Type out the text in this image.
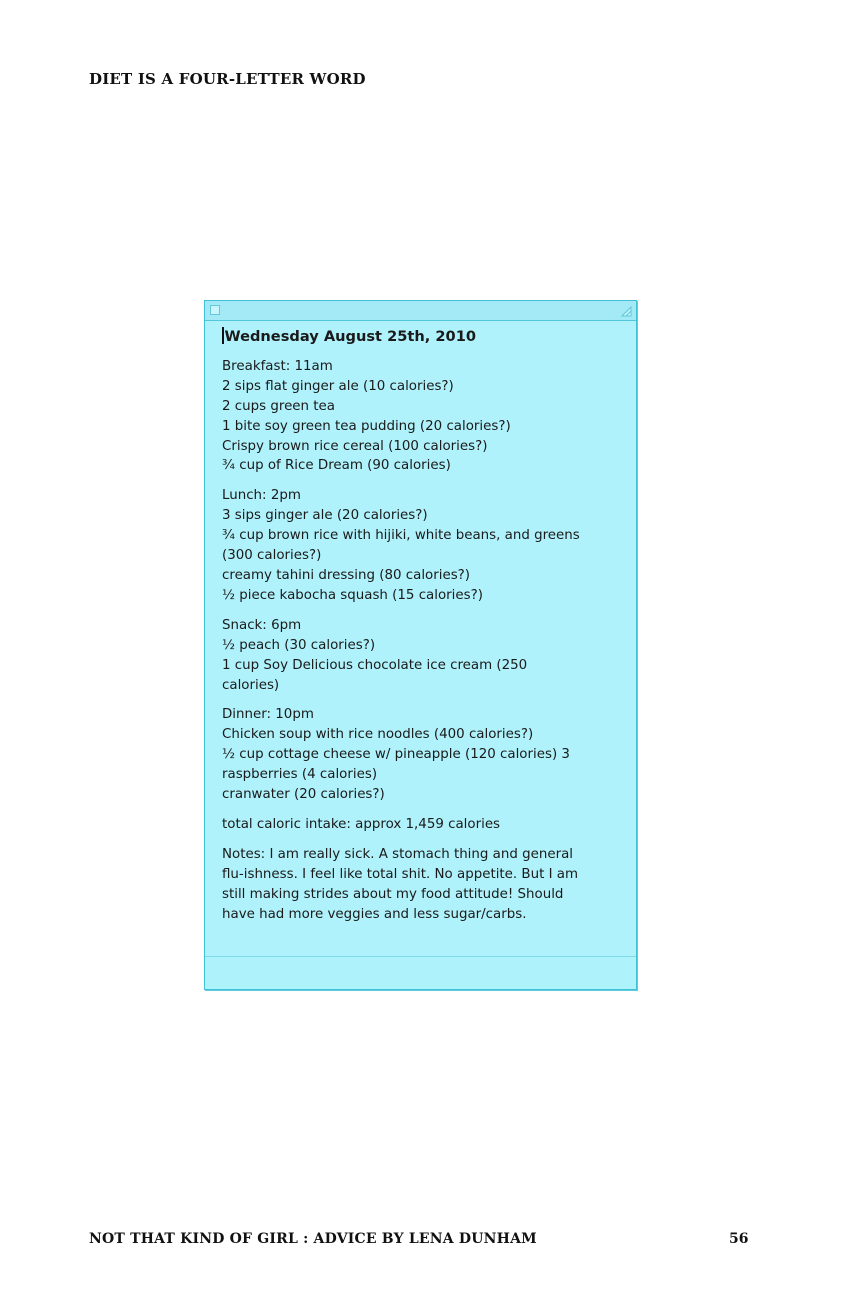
DIET IS A FOUR-LETTER WORD
Wednesday August 25th, 2010
Breakfast: 11am
2 sips flat ginger ale (10 calories?)
2 cups green tea
1 bite soy green tea pudding (20 calories?)
Crispy brown rice cereal (100 calories?)
¾ cup of Rice Dream (90 calories)
Lunch: 2pm
3 sips ginger ale (20 calories?)
¾ cup brown rice with hijiki, white beans, and greens
(300 calories?)
creamy tahini dressing (80 calories?)
½ piece kabocha squash (15 calories?)
Snack: 6pm
½ peach (30 calories?)
1 cup Soy Delicious chocolate ice cream (250
calories)
Dinner: 10pm
Chicken soup with rice noodles (400 calories?)
½ cup cottage cheese w/ pineapple (120 calories) 3
raspberries (4 calories)
cranwater (20 calories?)
total caloric intake: approx 1,459 calories
Notes: I am really sick. A stomach thing and general
flu-ishness. I feel like total shit. No appetite. But I am
still making strides about my food attitude! Should
have had more veggies and less sugar/carbs.
NOT THAT KIND OF GIRL : ADVICE BY LENA DUNHAM	56
